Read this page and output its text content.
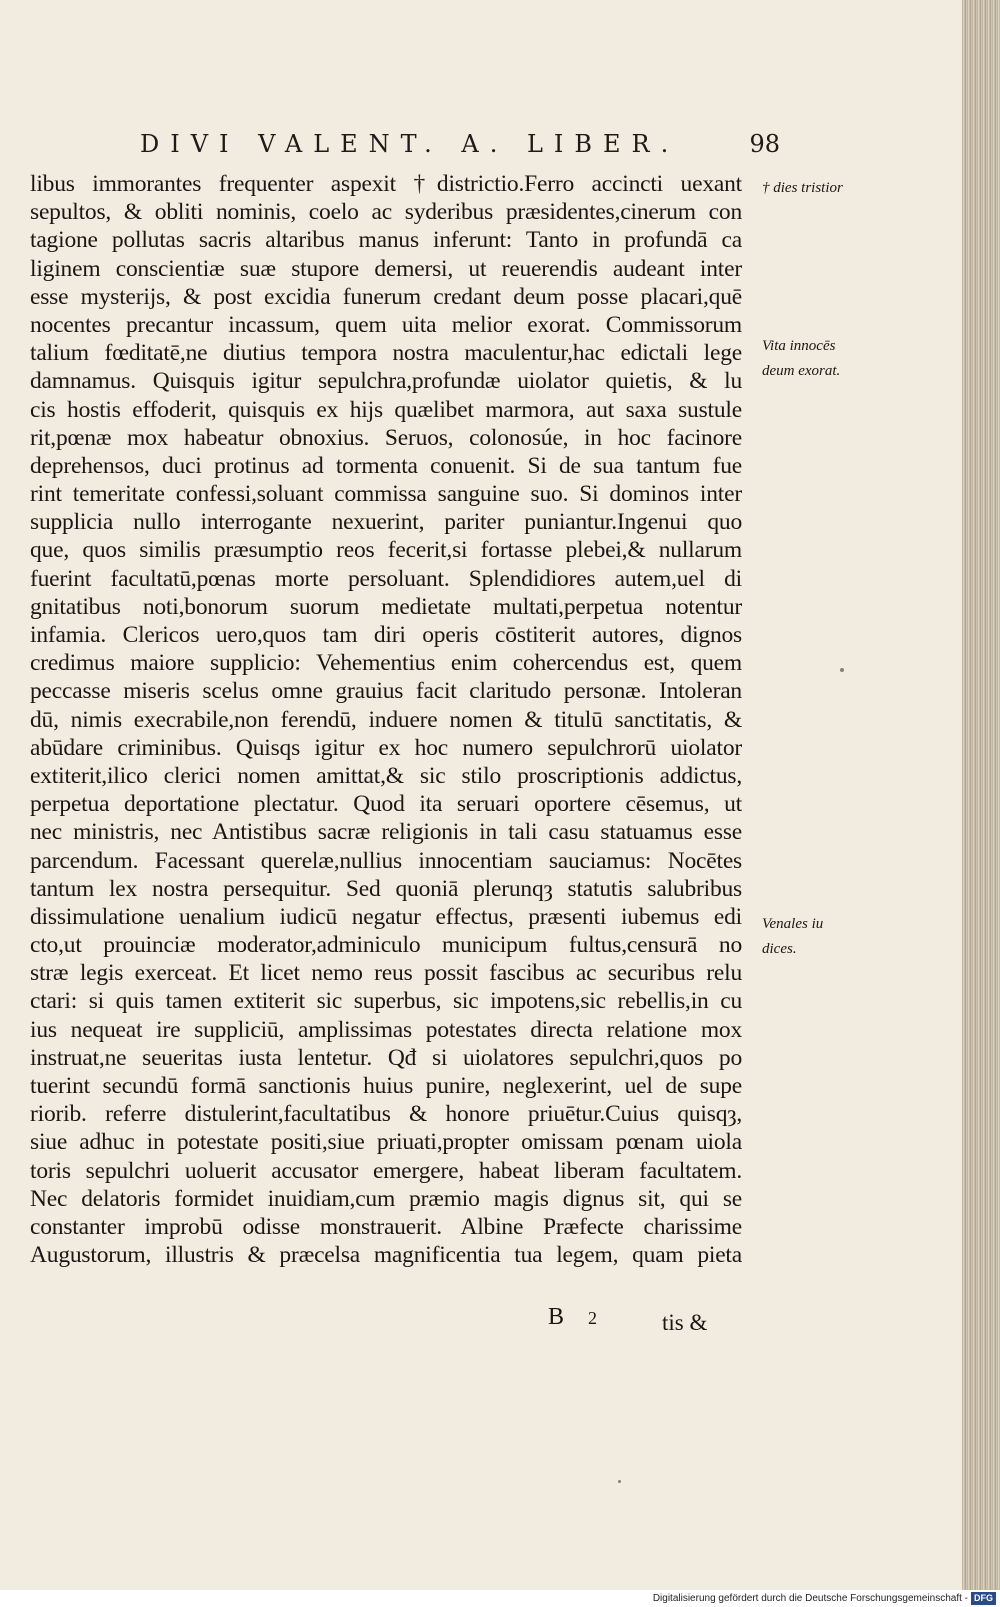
DIVI VALENT. A. LIBER.	98
libus immorantes frequenter aspexit †districtio.Ferro accincti uexant
sepultos, & obliti nominis, coelo ac syderibus præsidentes,cinerum con
tagione pollutas sacris altaribus manus inferunt: Tanto in profundā ca
liginem conscientiæ suæ stupore demersi, ut reuerendis audeant inter
esse mysterijs, & post excidia funerum credant deum posse placari,quē
nocentes precantur incassum, quem uita melior exorat. Commissorum
talium fœditatē,ne diutius tempora nostra maculentur,hac edictali lege
damnamus. Quisquis igitur sepulchra,profundæ uiolator quietis, & lu
cis hostis effoderit, quisquis ex hijs quælibet marmora, aut saxa sustule
rit,pœnæ mox habeatur obnoxius. Seruos, colonosúe, in hoc facinore
deprehensos, duci protinus ad tormenta conuenit. Si de sua tantum fue
rint temeritate confessi,soluant commissa sanguine suo. Si dominos inter
supplicia nullo interrogante nexuerint, pariter puniantur.Ingenui quo
que, quos similis præsumptio reos fecerit,si fortasse plebei,& nullarum
fuerint facultatū,pœnas morte persoluant. Splendidiores autem,uel di
gnitatibus noti,bonorum suorum medietate multati,perpetua notentur
infamia. Clericos uero,quos tam diri operis cōstiterit autores, dignos
credimus maiore supplicio: Vehementius enim cohercendus est, quem
peccasse miseris scelus omne grauius facit claritudo personæ. Intoleran
dū, nimis execrabile,non ferendū, induere nomen & titulū sanctitatis, &
abūdare criminibus. Quisqs igitur ex hoc numero sepulchrorū uiolator
extiterit,ilico clerici nomen amittat,& sic stilo proscriptionis addictus,
perpetua deportatione plectatur. Quod ita seruari oportere cēsemus, ut
nec ministris, nec Antistibus sacræ religionis in tali casu statuamus esse
parcendum. Facessant querelæ,nullius innocentiam sauciamus: Nocētes
tantum lex nostra persequitur. Sed quoniā plerunqȝ statutis salubribus
dissimulatione uenalium iudicū negatur effectus, præsenti iubemus edi
cto,ut prouinciæ moderator,adminiculo municipum fultus,censurā no
stræ legis exerceat. Et licet nemo reus possit fascibus ac securibus relu
ctari: si quis tamen extiterit sic superbus, sic impotens,sic rebellis,in cu
ius nequeat ire suppliciū, amplissimas potestates directa relatione mox
instruat,ne seueritas iusta lentetur. Qđ si uiolatores sepulchri,quos po
tuerint secundū formā sanctionis huius punire, neglexerint, uel de supe
riorib. referre distulerint,facultatibus & honore priuētur.Cuius quisqȝ,
siue adhuc in potestate positi,siue priuati,propter omissam pœnam uiola
toris sepulchri uoluerit accusator emergere, habeat liberam facultatem.
Nec delatoris formidet inuidiam,cum præmio magis dignus sit, qui se
constanter improbū odisse monstrauerit. Albine Præfecte charissime
Augustorum, illustris & præcelsa magnificentia tua legem, quam pieta
† dies tristior
Vita innocēs
deum exorat.
Venales iu
dices.
B 2	tis &
Digitalisierung gefördert durch die Deutsche Forschungsgemeinschaft - DFG
